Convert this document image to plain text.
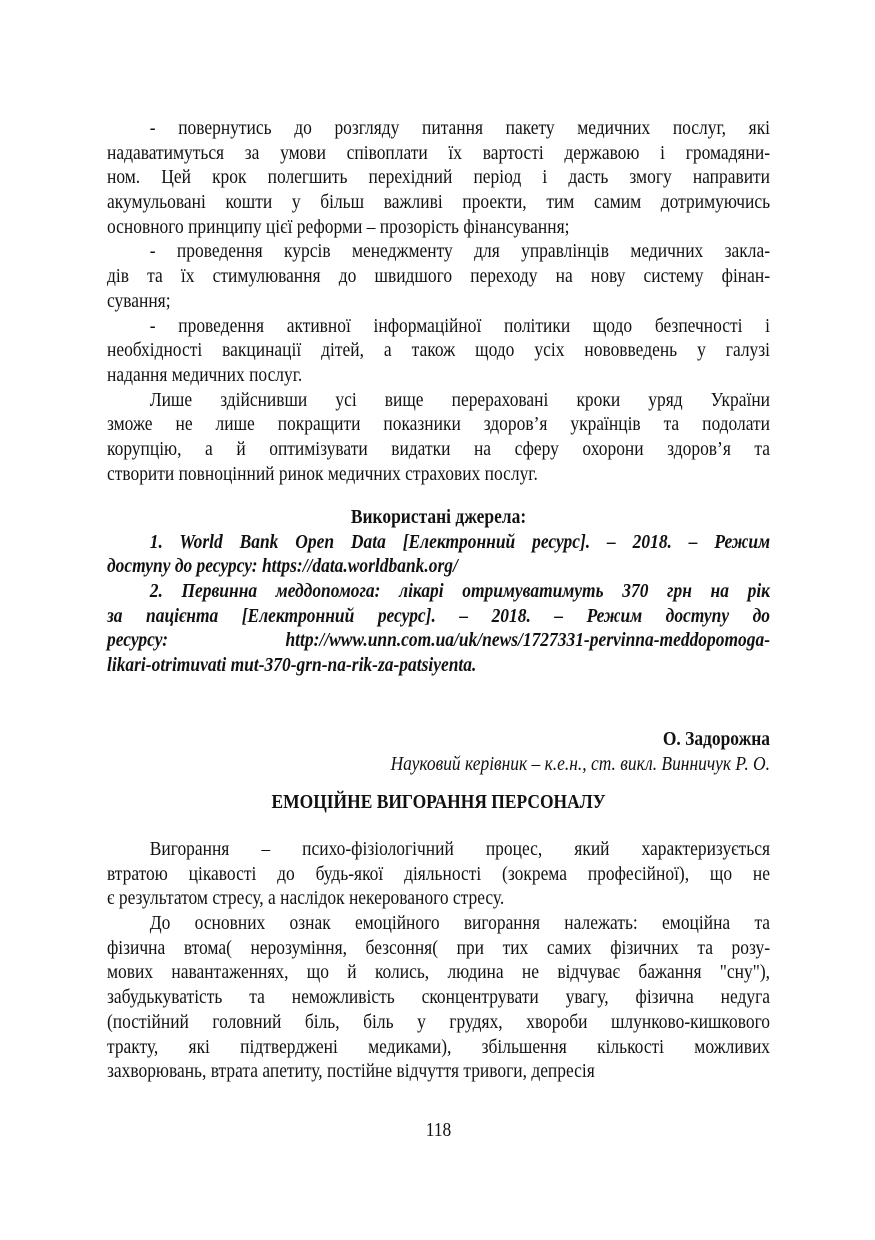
- повернутись до розгляду питання пакету медичних послуг, які
надаватимуться за умови співоплати їх вартості державою і громадяни-
ном. Цей крок полегшить перехідний період і дасть змогу направити
акумульовані кошти у більш важливі проекти, тим самим дотримуючись
основного принципу цієї реформи – прозорість фінансування;
- проведення курсів менеджменту для управлінців медичних закла-
дів та їх стимулювання до швидшого переходу на нову систему фінан-
сування;
- проведення активної інформаційної політики щодо безпечності і
необхідності вакцинації дітей, а також щодо усіх нововведень у галузі
надання медичних послуг.
Лише здійснивши усі вище перераховані кроки уряд України
зможе не лише покращити показники здоров’я українців та подолати
корупцію, а й оптимізувати видатки на сферу охорони здоров’я та
створити повноцінний ринок медичних страхових послуг.
Використані джерела:
1. World Bank Open Data [Електронний ресурс]. – 2018. – Режим
доступу до ресурсу: https://data.worldbank.org/
2. Первинна меддопомога: лікарі отримуватимуть 370 грн на рік
за пацієнта [Електронний ресурс]. – 2018. – Режим доступу до
ресурсу: http://www.unn.com.ua/uk/news/1727331-pervinna-meddopomoga-
likari-otrimuvati mut-370-grn-na-rik-za-patsiyenta.
О. Задорожна
Науковий керівник – к.е.н., ст. викл. Винничук Р. О.
ЕМОЦІЙНЕ ВИГОРАННЯ ПЕРСОНАЛУ
Вигорання – психо-фізіологічний процес, який характеризується
втратою цікавості до будь-якої діяльності (зокрема професійної), що не
є результатом стресу, а наслідок некерованого стресу.
До основних ознак емоційного вигорання належать: емоційна та
фізична втома( нерозуміння, безсоння( при тих самих фізичних та розу-
мових навантаженнях, що й колись, людина не відчуває бажання "сну"),
забудькуватість та неможливість сконцентрувати увагу, фізична недуга
(постійний головний біль, біль у грудях, хвороби шлунково-кишкового
тракту, які підтверджені медиками), збільшення кількості можливих
захворювань, втрата апетиту, постійне відчуття тривоги, депресія
118
